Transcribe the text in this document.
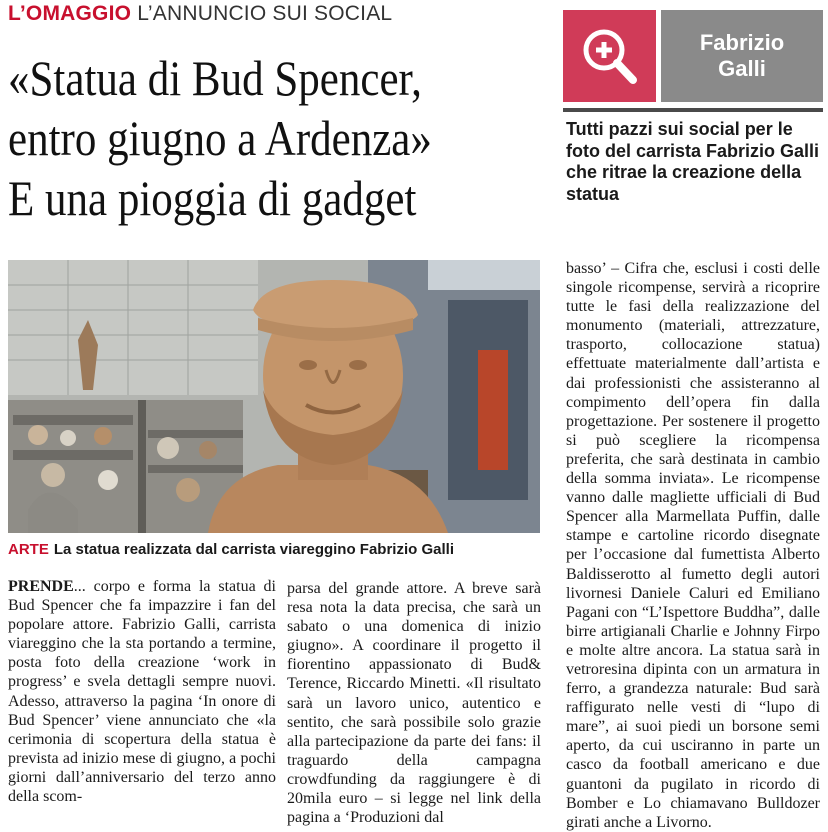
L’OMAGGIO L’ANNUNCIO SUI SOCIAL
«Statua di Bud Spencer,
entro giugno a Ardenza»
E una pioggia di gadget
ARTE La statua realizzata dal carrista viareggino Fabrizio Galli
Fabrizio
Galli
Tutti pazzi sui social per le foto del carrista Fabrizio Galli che ritrae la creazione della statua
PRENDE... corpo e forma la statua di Bud Spencer che fa impazzire i fan del popolare attore. Fabrizio Galli, carrista viareggino che la sta portando a termine, posta foto della creazione ‘work in progress’ e svela dettagli sempre nuovi. Adesso, attraverso la pagina ‘In onore di Bud Spencer’ viene annunciato che «la cerimonia di scopertura della statua è prevista ad inizio mese di giugno, a pochi giorni dall’anniversario del terzo anno della scom-
parsa del grande attore. A breve sarà resa nota la data precisa, che sarà un sabato o una domenica di inizio giugno». A coordinare il progetto il fiorentino appassionato di Bud& Terence, Riccardo Minetti. «Il risultato sarà un lavoro unico, autentico e sentito, che sarà possibile solo grazie alla partecipazione da parte dei fans: il traguardo della campagna crowdfunding da raggiungere è di 20mila euro – si legge nel link della pagina a ‘Produzioni dal
basso’ – Cifra che, esclusi i costi delle singole ricompense, servirà a ricoprire tutte le fasi della realizzazione del monumento (materiali, attrezzature, trasporto, collocazione statua) effettuate materialmente dall’artista e dai professionisti che assisteranno al compimento dell’opera fin dalla progettazione. Per sostenere il progetto si può scegliere la ricompensa preferita, che sarà destinata in cambio della somma inviata». Le ricompense vanno dalle magliette ufficiali di Bud Spencer alla Marmellata Puffin, dalle stampe e cartoline ricordo disegnate per l’occasione dal fumettista Alberto Baldisserotto al fumetto degli autori livornesi Daniele Caluri ed Emiliano Pagani con “L’Ispettore Buddha”, dalle birre artigianali Charlie e Johnny Firpo e molte altre ancora. La statua sarà in vetroresina dipinta con un armatura in ferro, a grandezza naturale: Bud sarà raffigurato nelle vesti di “lupo di mare”, ai suoi piedi un borsone semi aperto, da cui usciranno in parte un casco da football americano e due guantoni da pugilato in ricordo di Bomber e Lo chiamavano Bulldozer girati anche a Livorno.
